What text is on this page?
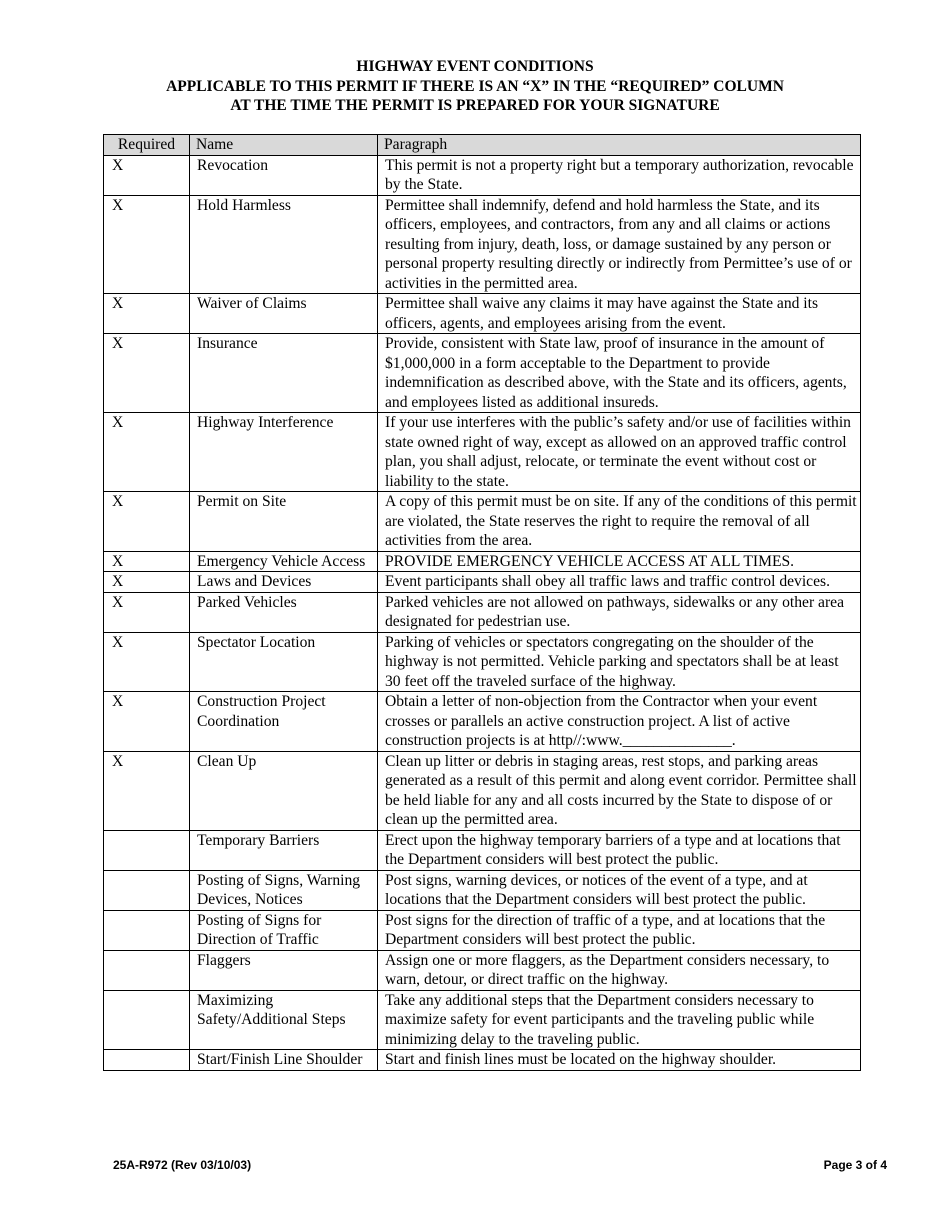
HIGHWAY EVENT CONDITIONS
APPLICABLE TO THIS PERMIT IF THERE IS AN “X” IN THE “REQUIRED” COLUMN
AT THE TIME THE PERMIT IS PREPARED FOR YOUR SIGNATURE
Required	Name	Paragraph
X	Revocation	This permit is not a property right but a temporary authorization, revocable by the State.
X	Hold Harmless	Permittee shall indemnify, defend and hold harmless the State, and its officers, employees, and contractors, from any and all claims or actions resulting from injury, death, loss, or damage sustained by any person or personal property resulting directly or indirectly from Permittee’s use of or activities in the permitted area.
X	Waiver of Claims	Permittee shall waive any claims it may have against the State and its officers, agents, and employees arising from the event.
X	Insurance	Provide, consistent with State law, proof of insurance in the amount of $1,000,000 in a form acceptable to the Department to provide indemnification as described above, with the State and its officers, agents, and employees listed as additional insureds.
X	Highway Interference	If your use interferes with the public’s safety and/or use of facilities within state owned right of way, except as allowed on an approved traffic control plan, you shall adjust, relocate, or terminate the event without cost or liability to the state.
X	Permit on Site	A copy of this permit must be on site. If any of the conditions of this permit are violated, the State reserves the right to require the removal of all activities from the area.
X	Emergency Vehicle Access	PROVIDE EMERGENCY VEHICLE ACCESS AT ALL TIMES.
X	Laws and Devices	Event participants shall obey all traffic laws and traffic control devices.
X	Parked Vehicles	Parked vehicles are not allowed on pathways, sidewalks or any other area designated for pedestrian use.
X	Spectator Location	Parking of vehicles or spectators congregating on the shoulder of the highway is not permitted. Vehicle parking and spectators shall be at least 30 feet off the traveled surface of the highway.
X	Construction Project Coordination	Obtain a letter of non-objection from the Contractor when your event crosses or parallels an active construction project. A list of active construction projects is at http//:www.______________.
X	Clean Up	Clean up litter or debris in staging areas, rest stops, and parking areas generated as a result of this permit and along event corridor. Permittee shall be held liable for any and all costs incurred by the State to dispose of or clean up the permitted area.
	Temporary Barriers	Erect upon the highway temporary barriers of a type and at locations that the Department considers will best protect the public.
	Posting of Signs, Warning Devices, Notices	Post signs, warning devices, or notices of the event of a type, and at locations that the Department considers will best protect the public.
	Posting of Signs for Direction of Traffic	Post signs for the direction of traffic of a type, and at locations that the Department considers will best protect the public.
	Flaggers	Assign one or more flaggers, as the Department considers necessary, to warn, detour, or direct traffic on the highway.
	Maximizing Safety/Additional Steps	Take any additional steps that the Department considers necessary to maximize safety for event participants and the traveling public while minimizing delay to the traveling public.
	Start/Finish Line Shoulder	Start and finish lines must be located on the highway shoulder.
25A-R972 (Rev 03/10/03)	Page 3 of 4
